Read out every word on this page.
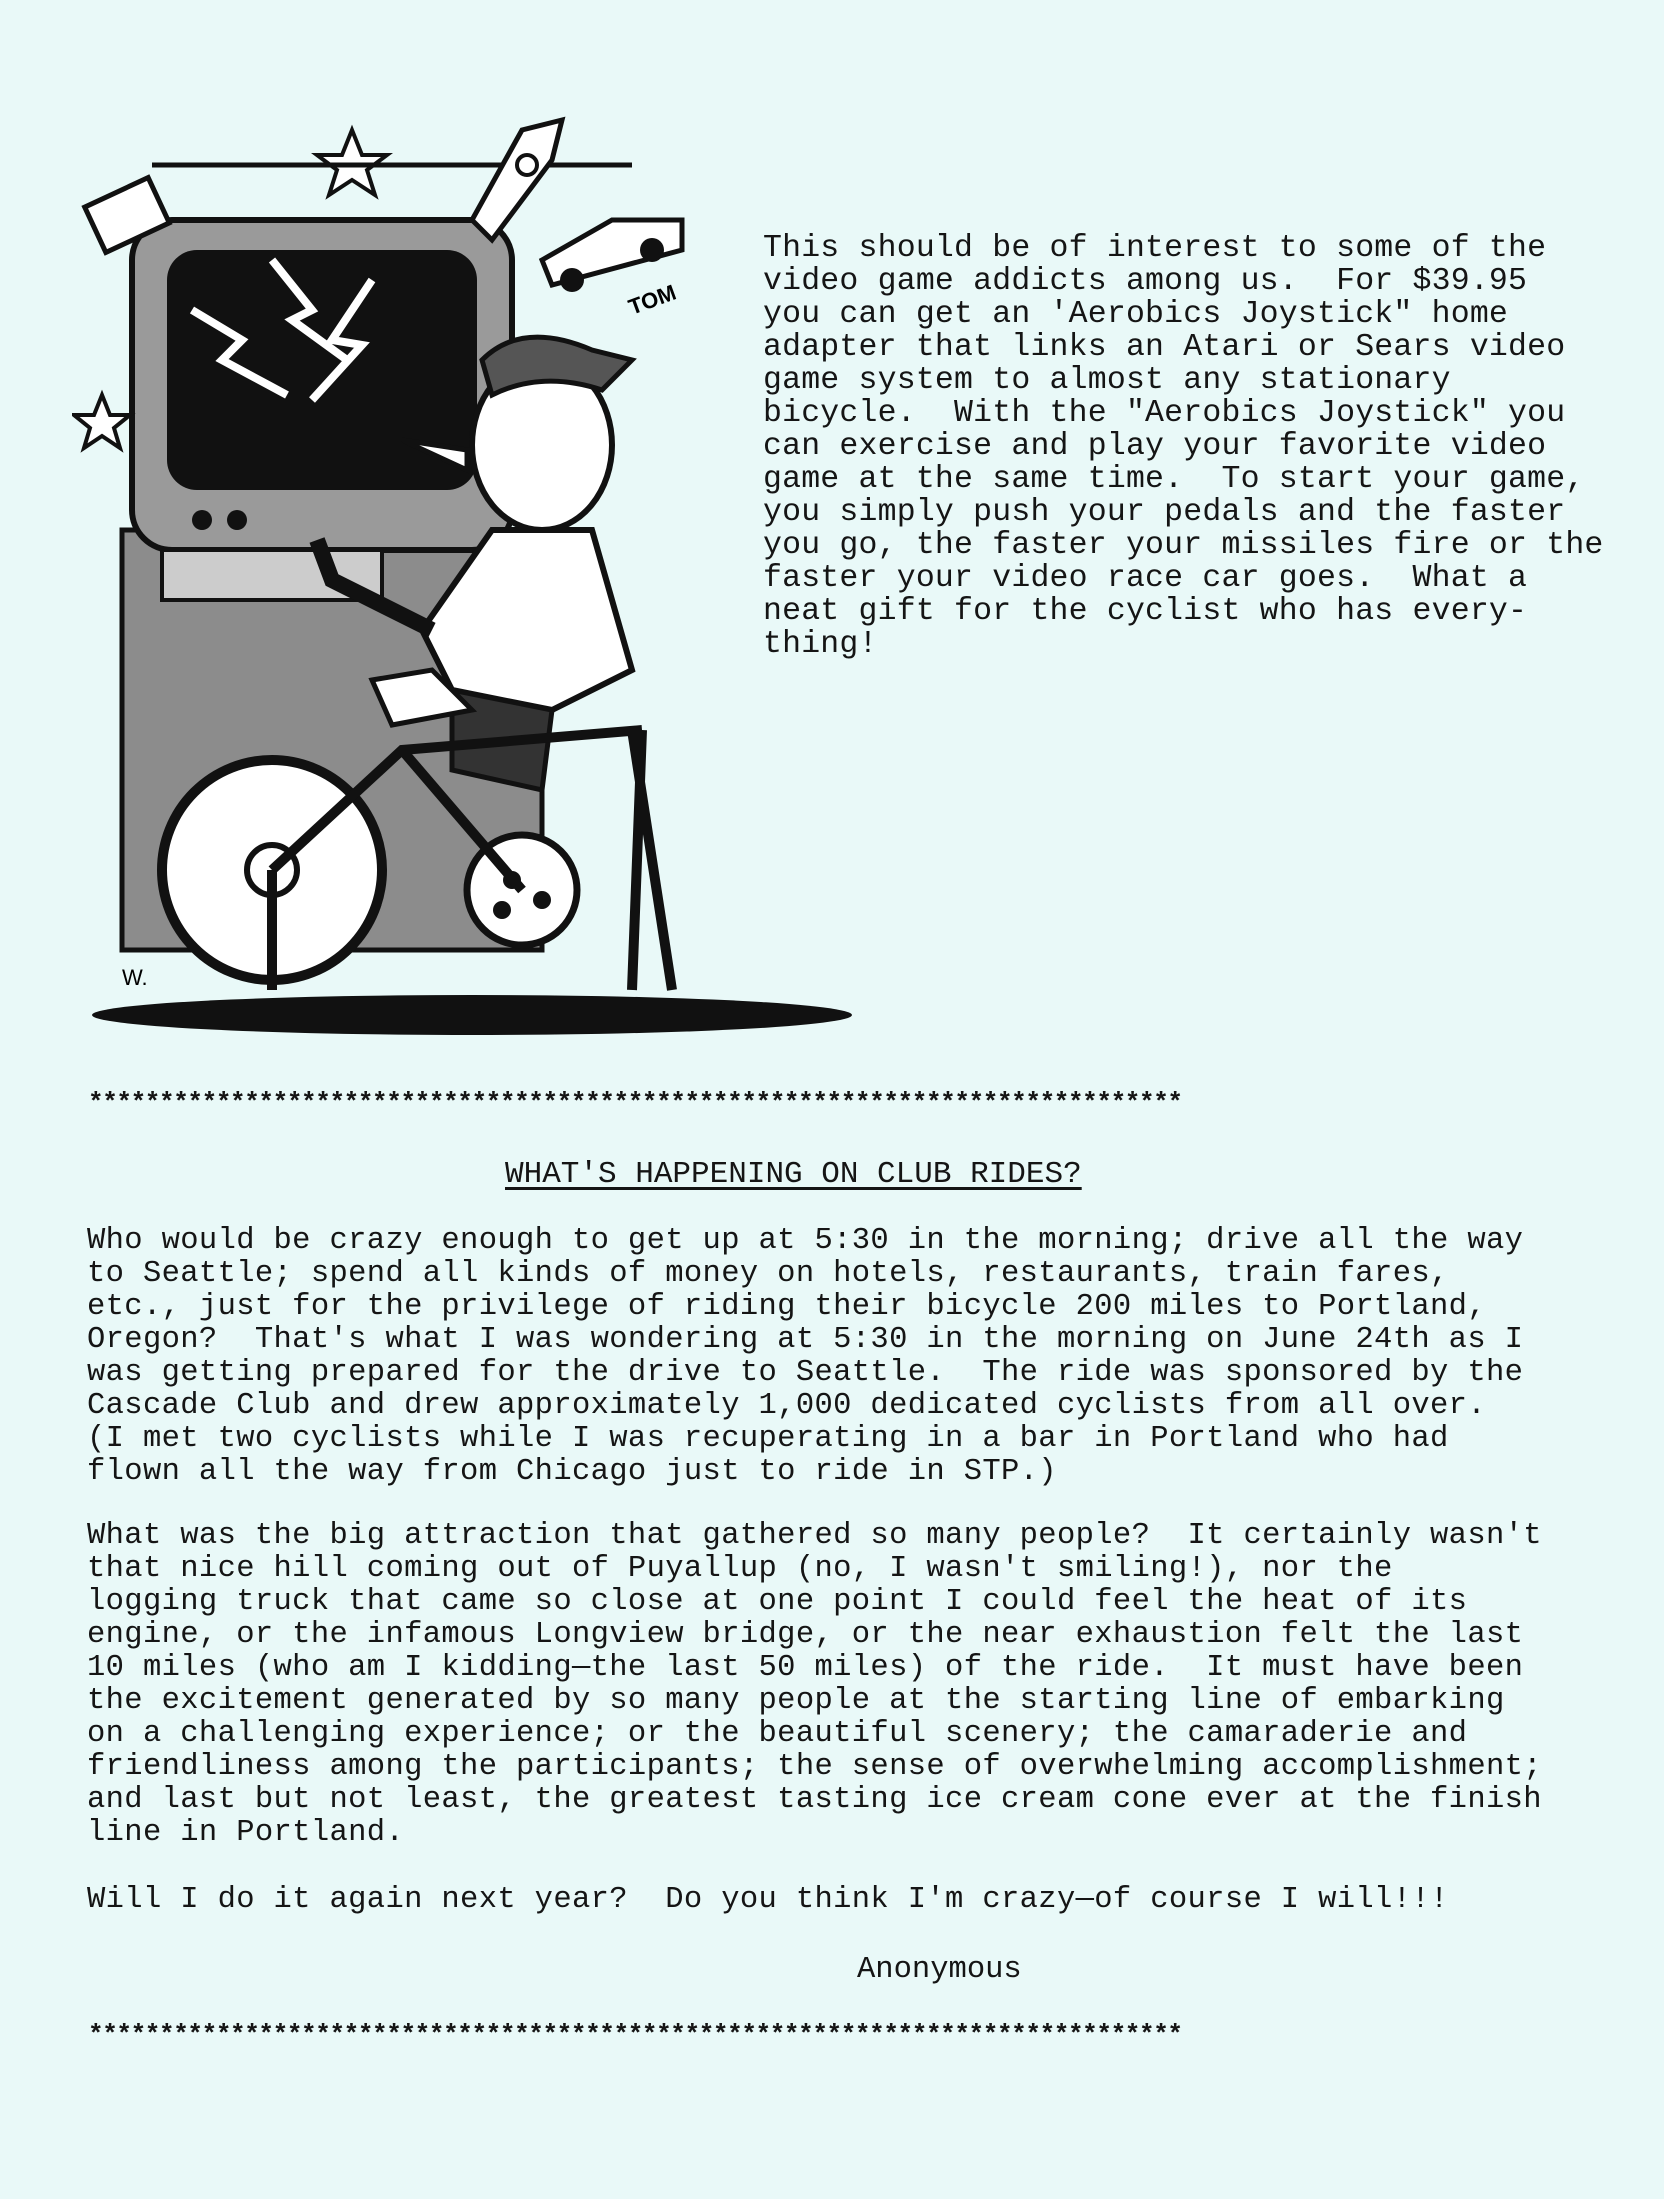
TOM
W.
This should be of interest to some of the
video game addicts among us.  For $39.95
you can get an 'Aerobics Joystick" home
adapter that links an Atari or Sears video
game system to almost any stationary
bicycle.  With the "Aerobics Joystick" you
can exercise and play your favorite video
game at the same time.  To start your game,
you simply push your pedals and the faster
you go, the faster your missiles fire or the
faster your video race car goes.  What a
neat gift for the cyclist who has every-
thing!
*****************************************************************************
WHAT'S HAPPENING ON CLUB RIDES?
Who would be crazy enough to get up at 5:30 in the morning; drive all the way
to Seattle; spend all kinds of money on hotels, restaurants, train fares,
etc., just for the privilege of riding their bicycle 200 miles to Portland,
Oregon?  That's what I was wondering at 5:30 in the morning on June 24th as I
was getting prepared for the drive to Seattle.  The ride was sponsored by the
Cascade Club and drew approximately 1,000 dedicated cyclists from all over.
(I met two cyclists while I was recuperating in a bar in Portland who had
flown all the way from Chicago just to ride in STP.)
What was the big attraction that gathered so many people?  It certainly wasn't
that nice hill coming out of Puyallup (no, I wasn't smiling!), nor the
logging truck that came so close at one point I could feel the heat of its
engine, or the infamous Longview bridge, or the near exhaustion felt the last
10 miles (who am I kidding—the last 50 miles) of the ride.  It must have been
the excitement generated by so many people at the starting line of embarking
on a challenging experience; or the beautiful scenery; the camaraderie and
friendliness among the participants; the sense of overwhelming accomplishment;
and last but not least, the greatest tasting ice cream cone ever at the finish
line in Portland.
Will I do it again next year?  Do you think I'm crazy—of course I will!!!
Anonymous
*****************************************************************************
